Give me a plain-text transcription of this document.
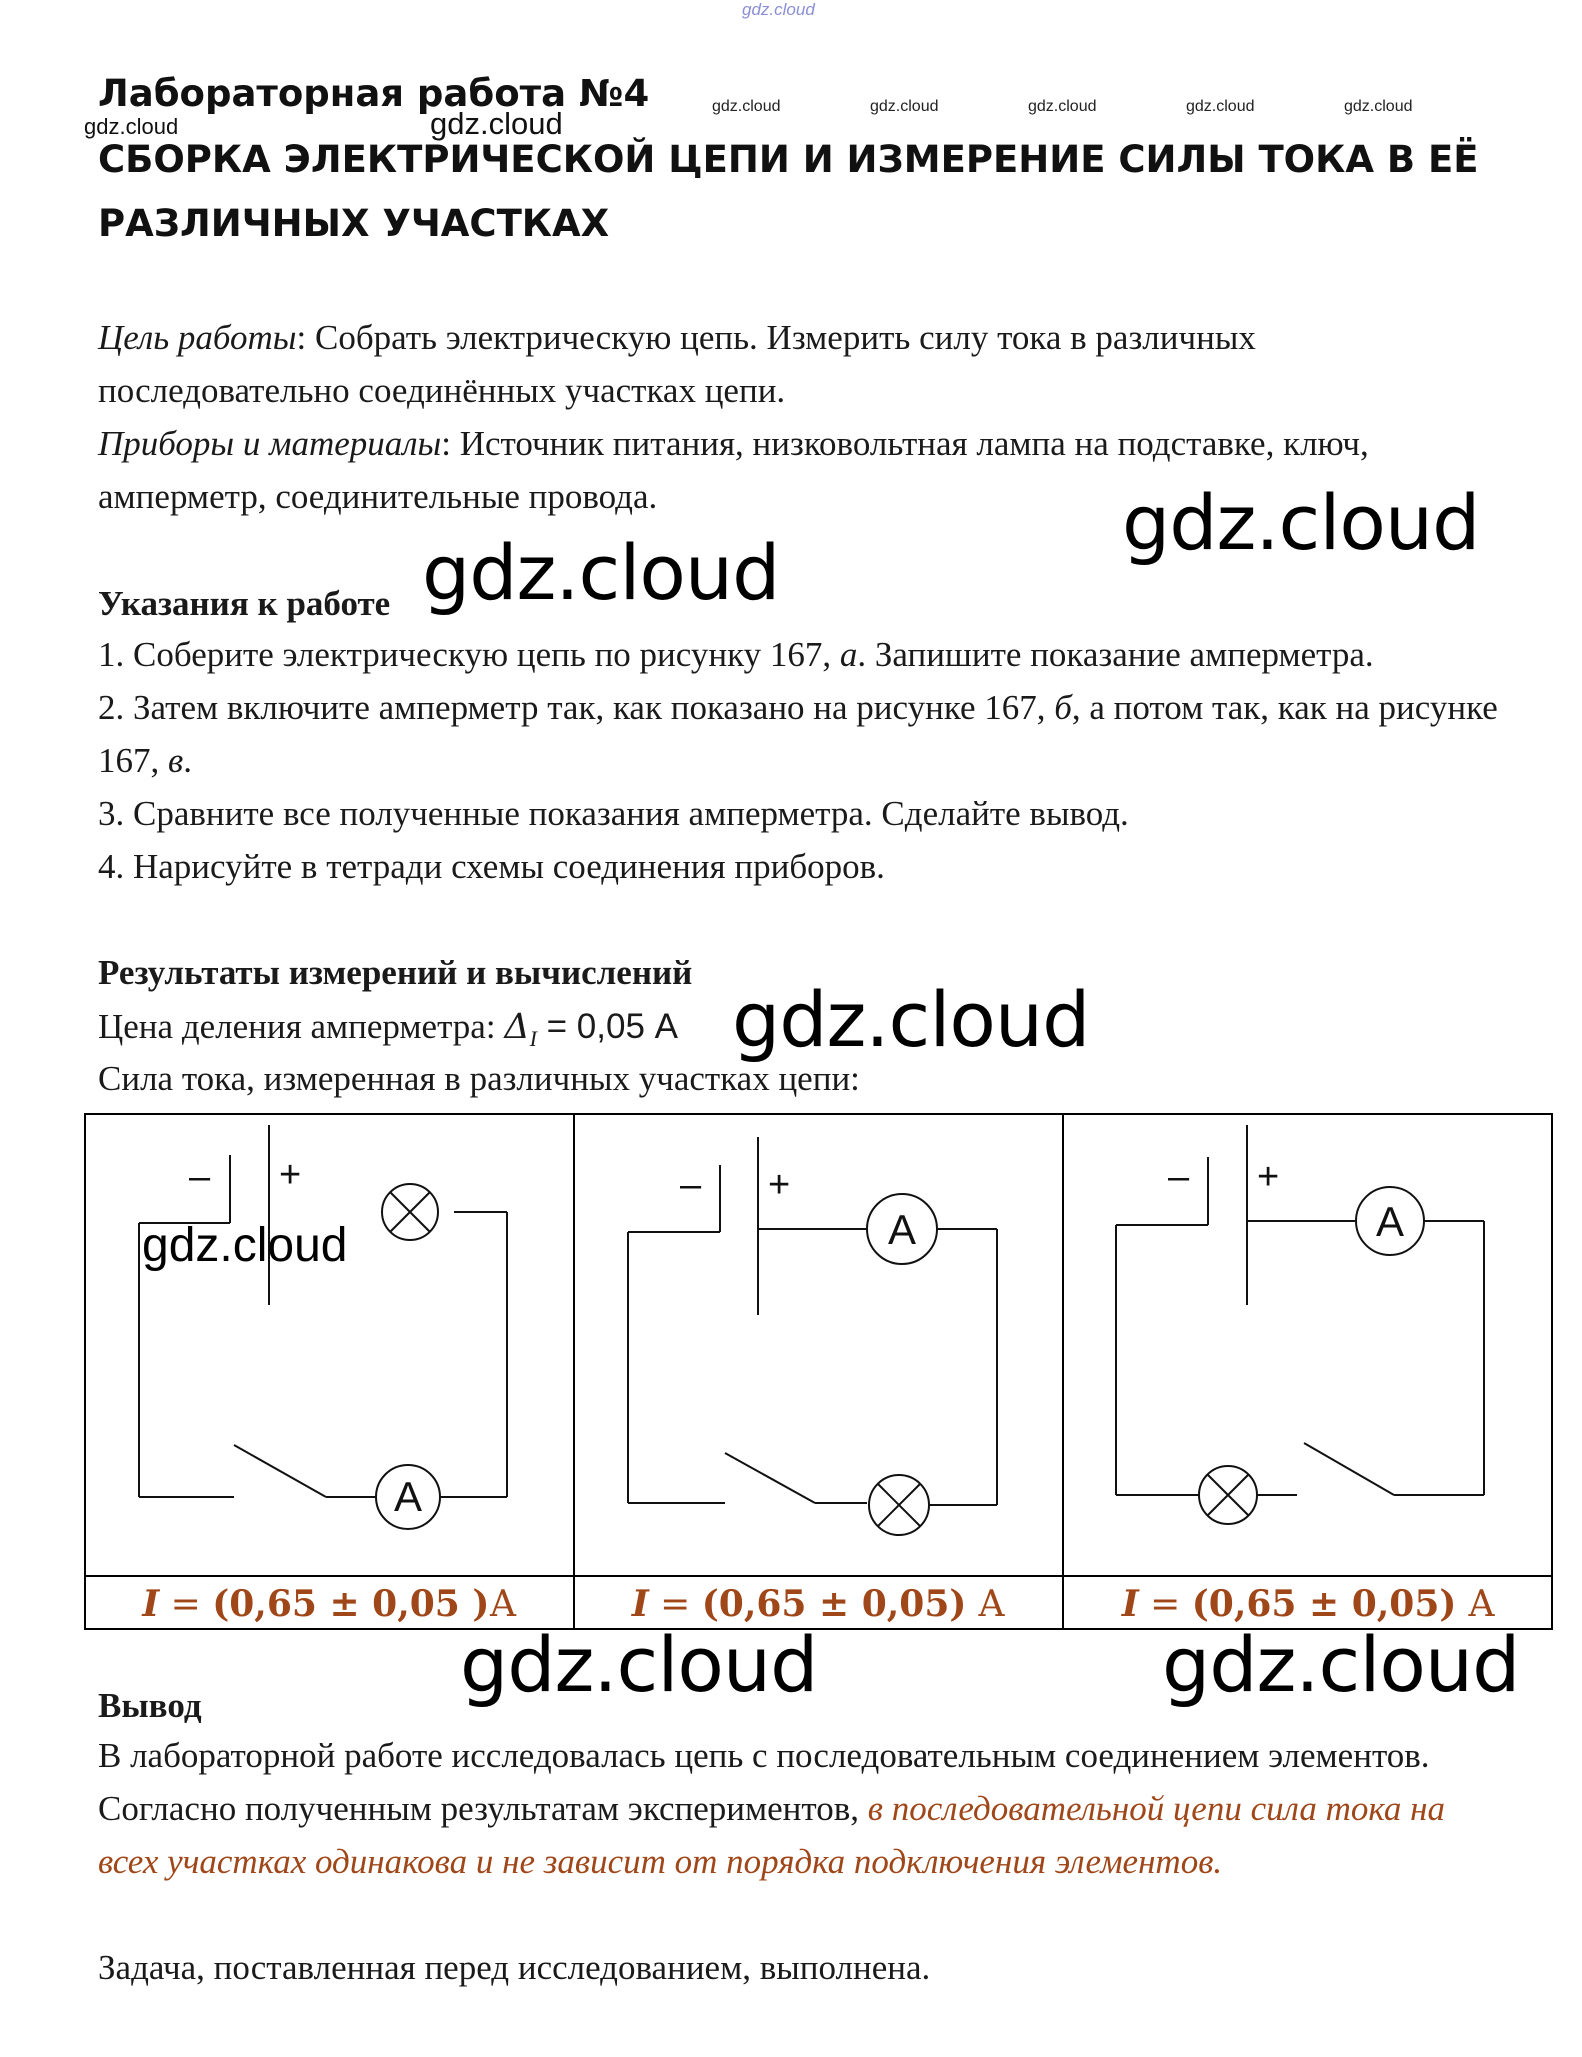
gdz.cloud
gdz.cloud	gdz.cloud	gdz.cloud	gdz.cloud	gdz.cloud
gdz.cloud	gdz.cloud
Лабораторная работа №4
СБОРКА ЭЛЕКТРИЧЕСКОЙ ЦЕПИ И ИЗМЕРЕНИЕ СИЛЫ ТОКА В ЕЁ
РАЗЛИЧНЫХ УЧАСТКАХ
Цель работы: Собрать электрическую цепь. Измерить силу тока в различных последовательно соединённых участках цепи.
Приборы и материалы: Источник питания, низковольтная лампа на подставке, ключ, амперметр, соединительные провода.	gdz.cloud
Указания к работе gdz.cloud
1. Соберите электрическую цепь по рисунку 167, а. Запишите показание амперметра.
2. Затем включите амперметр так, как показано на рисунке 167, б, а потом так, как на рисунке 167, в.
3. Сравните все полученные показания амперметра. Сделайте вывод.
4. Нарисуйте в тетради схемы соединения приборов.
Результаты измерений и вычислений
Цена деления амперметра: $\Delta_I = 0,05$ А
Сила тока, измеренная в различных участках цепи:
gdz.cloud
– +
A
gdz.cloud
– +
A
– +
A
I = (0,65 ± 0,05 )А	I = (0,65 ± 0,05) А	I = (0,65 ± 0,05) А
gdz.cloud	gdz.cloud
Вывод
В лабораторной работе исследовалась цепь с последовательным соединением элементов. Согласно полученным результатам экспериментов, в последовательной цепи сила тока на всех участках одинакова и не зависит от порядка подключения элементов.
Задача, поставленная перед исследованием, выполнена.
